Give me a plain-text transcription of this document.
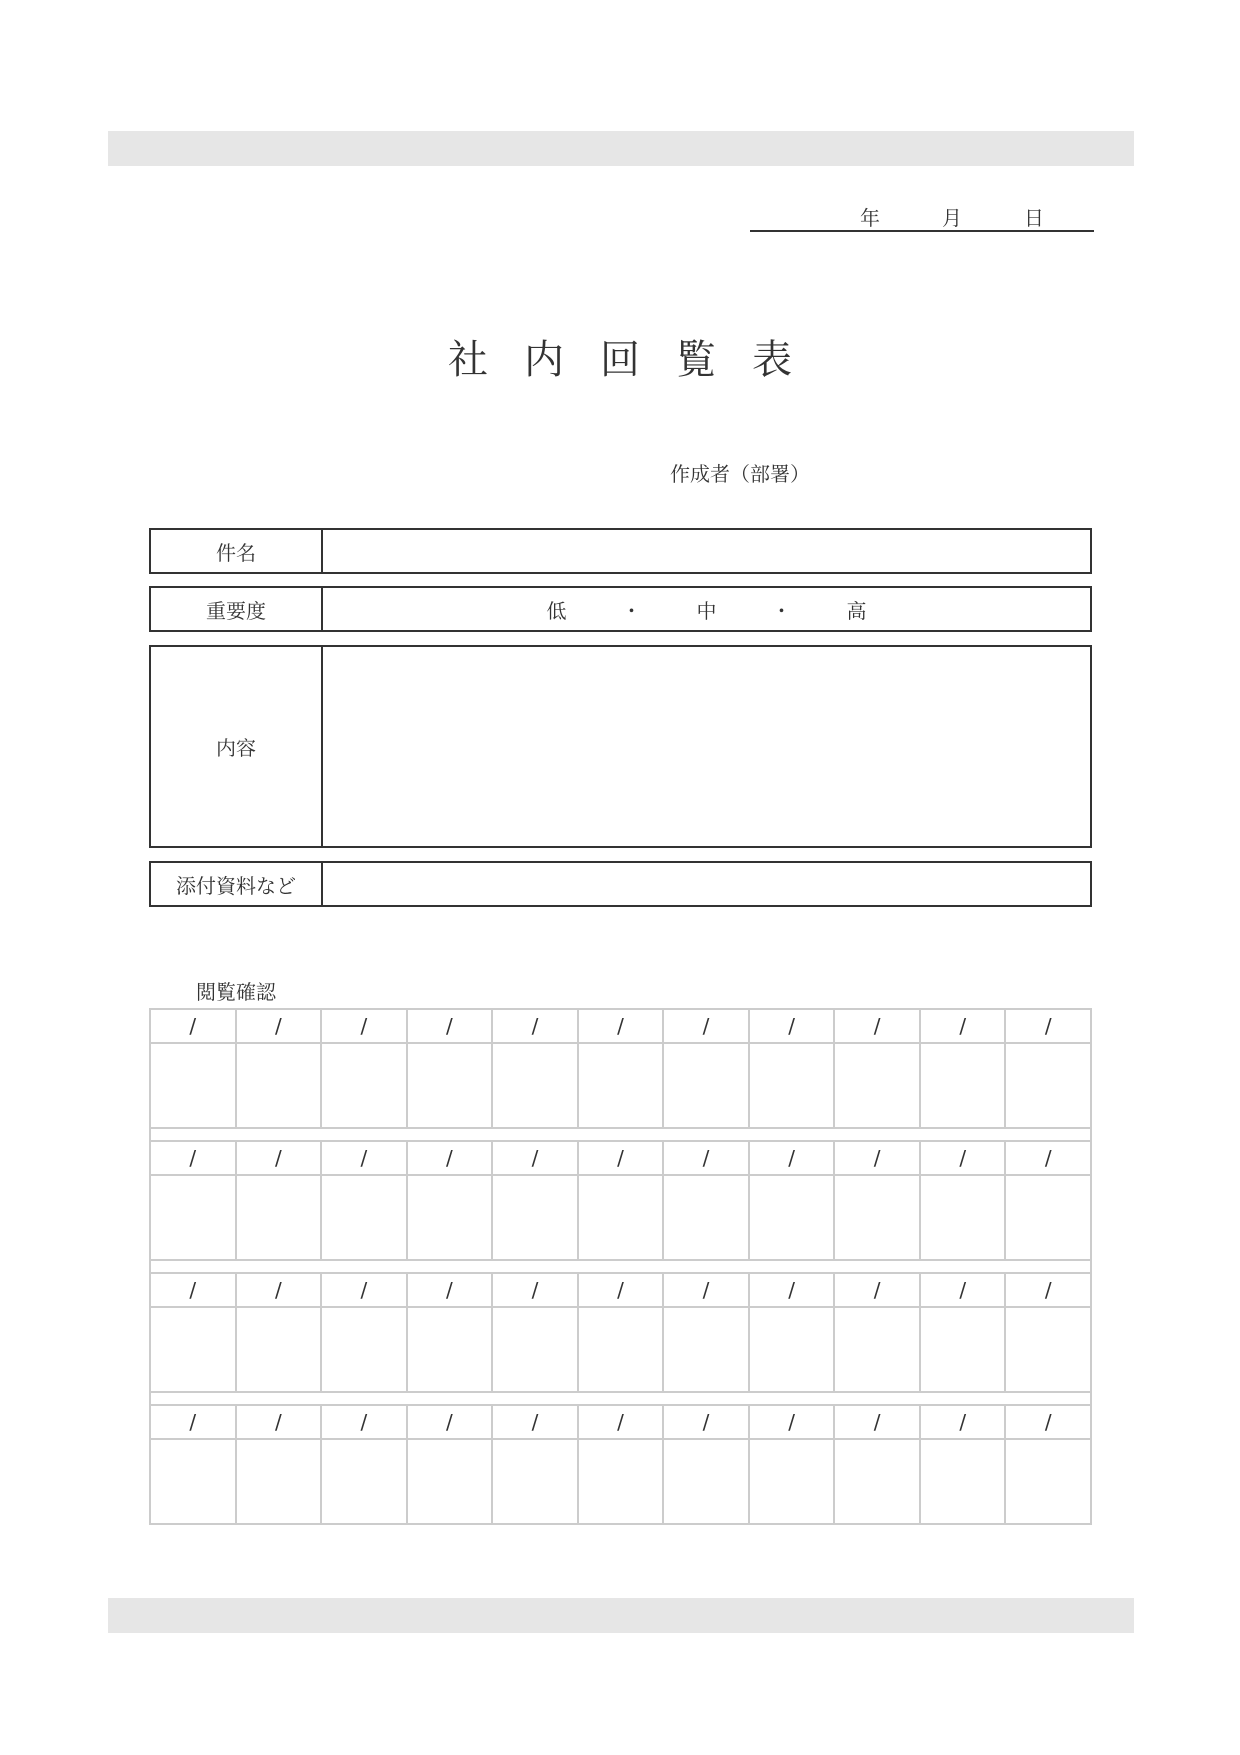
年	月	日
社内回覧表
作成者（部署）
件名
重要度	低	・	中	・	高
内容
添付資料など
閲覧確認
/	/	/	/	/	/	/	/	/	/	/
/	/	/	/	/	/	/	/	/	/	/
/	/	/	/	/	/	/	/	/	/	/
/	/	/	/	/	/	/	/	/	/	/
